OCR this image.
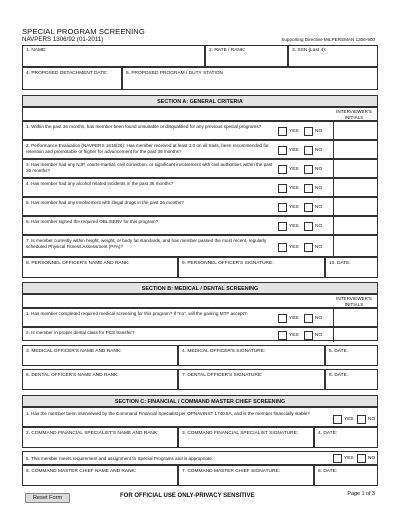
SPECIAL PROGRAM SCREENING
NAVPERS 1306/92 (01-2011)	Supporting Directive MILPERSMAN 1306-900
1. NAME:	2. RATE / RANK:	3. SSN (Last 4):
4. PROPOSED DETACHMENT DATE:	5. PROPOSED PROGRAM / DUTY STATION
SECTION A: GENERAL CRITERIA
INTERVIEWER'S INITIALS
1. Within the past 36 months, has member been found unsuitable or disqualified for any previous special programs?
YES	NO
2. Performance Evaluation (NAVPERS 1616/26): Has member received at least 3.0 on all traits, been recommended for retention and promotable or higher for advancement for the past 36 months?	YES	NO
3. Has member had any NJP, courts-martial, civil conviction, or significant involvement with civil authorities within the past 36 months?	YES	NO
4. Has member had any alcohol related incidents in the past 36 months?
YES	NO
5. Has member had any involvement with illegal drugs in the past 36 months?
YES	NO
6. Has member signed the required OBLISERV for this program?
YES	NO
7. Is member currently within height, weight, or body fat standards, and has member passed the most recent, regularly scheduled Physical Fitness Assessment (PFA)?	YES	NO
8. PERSONNEL OFFICER'S NAME AND RANK:	9. PERSONNEL OFFICER'S SIGNATURE:	10. DATE:
SECTION B: MEDICAL / DENTAL SCREENING
INTERVIEWER'S INITIALS
1. Has member completed required medical screening for this program? If "no", will the gaining MTF accept?
YES	NO
2. Is member in proper dental class for PCS transfer?
YES	NO
3. MEDICAL OFFICER'S NAME AND RANK:	4. MEDICAL OFFICER'S SIGNATURE:	5. DATE:
6. DENTAL OFFICER'S NAME AND RANK:	7. DENTAL OFFICER'S SIGNATURE:	8. DATE:
SECTION C: FINANCIAL / COMMAND MASTER CHIEF SCREENING
1. Has the member been interviewed by the Command Financial Specialist per OPNAVINST 1740.5A, and is the member financially stable?
YES	NO
2. COMMAND FINANCIAL SPECIALIST'S NAME AND RANK:	3. COMMAND FINANCIAL SPECIALIST SIGNATURE:	4. DATE:
5. This member meets requirement and assignment to Special Programs and is appropriate.	YES	NO
6. COMMAND MASTER CHIEF NAME AND RANK:	7. COMMAND MASTER CHIEF SIGNATURE:	8. DATE:
Reset Form	FOR OFFICIAL USE ONLY-PRIVACY SENSITIVE	Page 1 of 3
